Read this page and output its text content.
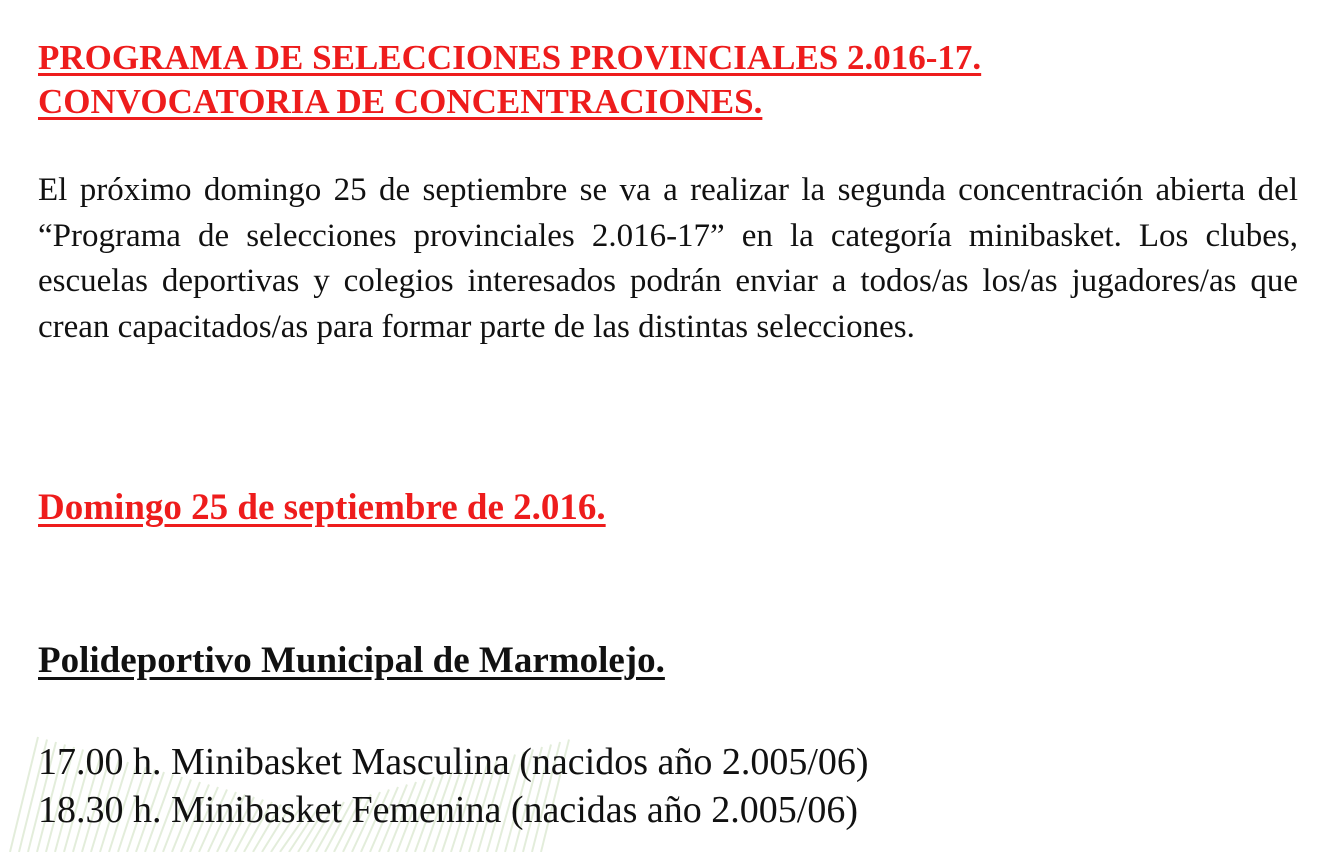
PROGRAMA DE SELECCIONES PROVINCIALES 2.016-17.
CONVOCATORIA DE CONCENTRACIONES.

El próximo domingo 25 de septiembre se va a realizar la segunda concentración abierta del “Programa de selecciones provinciales 2.016-17” en la categoría minibasket. Los clubes, escuelas deportivas y colegios interesados podrán enviar a todos/as los/as jugadores/as que crean capacitados/as para formar parte de las distintas selecciones.

Domingo 25 de septiembre de 2.016.
Polideportivo Municipal de Marmolejo.
17.00 h. Minibasket Masculina (nacidos año 2.005/06)
18.30 h. Minibasket Femenina (nacidas año 2.005/06)
